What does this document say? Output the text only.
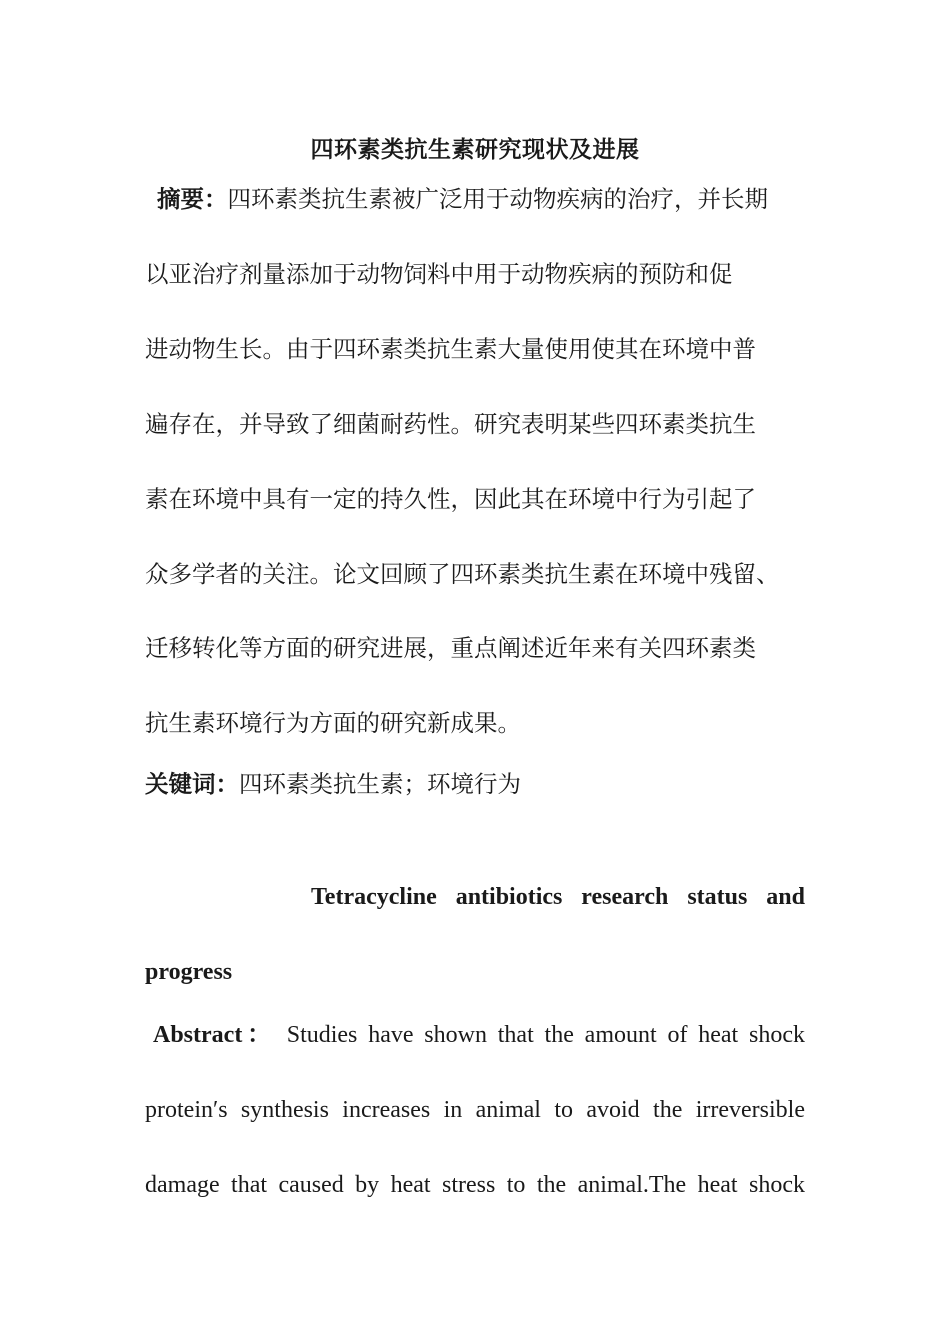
四环素类抗生素研究现状及进展
摘要：四环素类抗生素被广泛用于动物疾病的治疗，并长期
以亚治疗剂量添加于动物饲料中用于动物疾病的预防和促
进动物生长。由于四环素类抗生素大量使用使其在环境中普
遍存在，并导致了细菌耐药性。研究表明某些四环素类抗生
素在环境中具有一定的持久性，因此其在环境中行为引起了
众多学者的关注。论文回顾了四环素类抗生素在环境中残留、
迁移转化等方面的研究进展，重点阐述近年来有关四环素类
抗生素环境行为方面的研究新成果。
关键词：四环素类抗生素；环境行为
Tetracycline antibiotics research status and
progress
Abstract： Studies have shown that the amount of heat shock
protein′s synthesis increases in animal to avoid the irreversible
damage that caused by heat stress to the animal.The heat shock
